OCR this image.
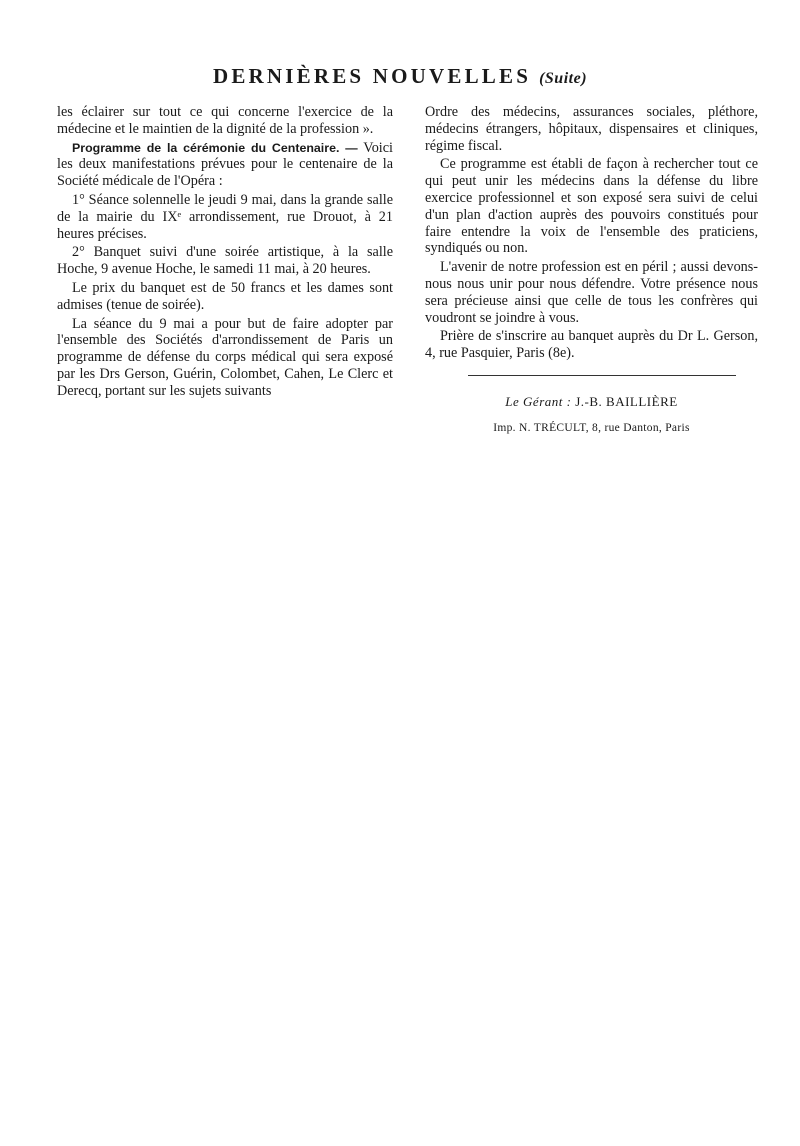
DERNIÈRES NOUVELLES (Suite)

les éclairer sur tout ce qui concerne l'exercice de la médecine et le maintien de la dignité de la profession ».

Programme de la cérémonie du Centenaire. — Voici les deux manifestations prévues pour le centenaire de la Société médicale de l'Opéra :

1° Séance solennelle le jeudi 9 mai, dans la grande salle de la mairie du IXᵉ arrondissement, rue Drouot, à 21 heures précises.

2° Banquet suivi d'une soirée artistique, à la salle Hoche, 9 avenue Hoche, le samedi 11 mai, à 20 heures.

Le prix du banquet est de 50 francs et les dames sont admises (tenue de soirée).

La séance du 9 mai a pour but de faire adopter par l'ensemble des Sociétés d'arrondissement de Paris un programme de défense du corps médical qui sera exposé par les Drs Gerson, Guérin, Colombet, Cahen, Le Clerc et Derecq, portant sur les sujets suivants

Ordre des médecins, assurances sociales, pléthore, médecins étrangers, hôpitaux, dispensaires et cliniques, régime fiscal.

Ce programme est établi de façon à rechercher tout ce qui peut unir les médecins dans la défense du libre exercice professionnel et son exposé sera suivi de celui d'un plan d'action auprès des pouvoirs constitués pour faire entendre la voix de l'ensemble des praticiens, syndiqués ou non.

L'avenir de notre profession est en péril ; aussi devons-nous nous unir pour nous défendre. Votre présence nous sera précieuse ainsi que celle de tous les confrères qui voudront se joindre à vous.

Prière de s'inscrire au banquet auprès du Dr L. Gerson, 4, rue Pasquier, Paris (8e).

Le Gérant : J.-B. BAILLIÈRE
Imp. N. TRÉCULT, 8, rue Danton, Paris
